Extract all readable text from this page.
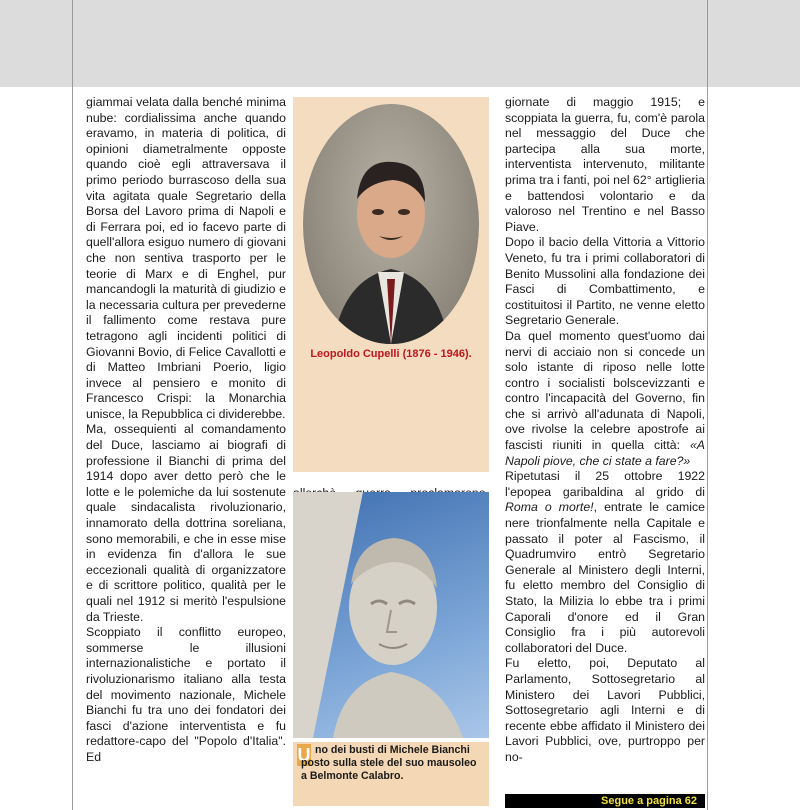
giammai velata dalla benché minima nube: cordialissima anche quando eravamo, in materia di politica, di opinioni diametralmente opposte quando cioè egli attraversava il primo periodo burrascoso della sua vita agitata quale Segretario della Borsa del Lavoro prima di Napoli e di Ferrara poi, ed io facevo parte di quell'allora esiguo numero di giovani che non sentiva trasporto per le teorie di Marx e di Enghel, pur mancandogli la maturità di giudizio e la necessaria cultura per prevederne il fallimento come restava pure tetragono agli incidenti politici di Giovanni Bovio, di Felice Cavallotti e di Matteo Imbriani Poerio, ligio invece al pensiero e monito di Francesco Crispi: la Monarchia unisce, la Repubblica ci dividerebbe.

Ma, ossequienti al comandamento del Duce, lasciamo ai biografi di professione il Bianchi di prima del 1914 dopo aver detto però che le lotte e le polemiche da lui sostenute quale sindacalista rivoluzionario, innamorato della dottrina soreliana, sono memorabili, e che in esse mise in evidenza fin d'allora le sue eccezionali qualità di organizzatore e di scrittore politico, qualità per le quali nel 1912 si meritò l'espulsione da Trieste.

Scoppiato il conflitto europeo, sommerse le illusioni internazionalistiche e portato il rivoluzionarismo italiano alla testa del movimento nazionale, Michele Bianchi fu tra uno dei fondatori dei fasci d'azione interventista e fu redattore-capo del "Popolo d'Italia". Ed

Leopoldo Cupelli (1876 - 1946).

U no dei busti di Michele Bianchi posto sulla stele del suo mausoleo a Belmonte Calabro.

giornate di maggio 1915; e scoppiata la guerra, fu, com'è parola nel messaggio del Duce che partecipa alla sua morte, interventista intervenuto, militante prima tra i fanti, poi nel 62° artiglieria e battendosi volontario e da valoroso nel Trentino e nel Basso Piave.

Dopo il bacio della Vittoria a Vittorio Veneto, fu tra i primi collaboratori di Benito Mussolini alla fondazione dei Fasci di Combattimento, e costituitosi il Partito, ne venne eletto Segretario Generale.

Da quel momento quest'uomo dai nervi di acciaio non si concede un solo istante di riposo nelle lotte contro i socialisti bolscevizzanti e contro l'incapacità del Governo, fin che si arrivò all'adunata di Napoli, ove rivolse la celebre apostrofe ai fascisti riuniti in quella città: «A Napoli piove, che ci state a fare?»

Ripetutasi il 25 ottobre 1922 l'epopea garibaldina al grido di Roma o morte!, entrate le camice nere trionfalmente nella Capitale e passato il poter al Fascismo, il Quadrumviro entrò Segretario Generale al Ministero degli Interni, fu eletto membro del Consiglio di Stato, la Milizia lo ebbe tra i primi Caporali d'onore ed il Gran Consiglio fra i più autorevoli collaboratori del Duce.

Fu eletto, poi, Deputato al Parlamento, Sottosegretario al Ministero dei Lavori Pubblici, Sottosegretario agli Interni e di recente ebbe affidato il Ministero dei Lavori Pubblici, ove, purtroppo per no-

Segue a pagina 62
